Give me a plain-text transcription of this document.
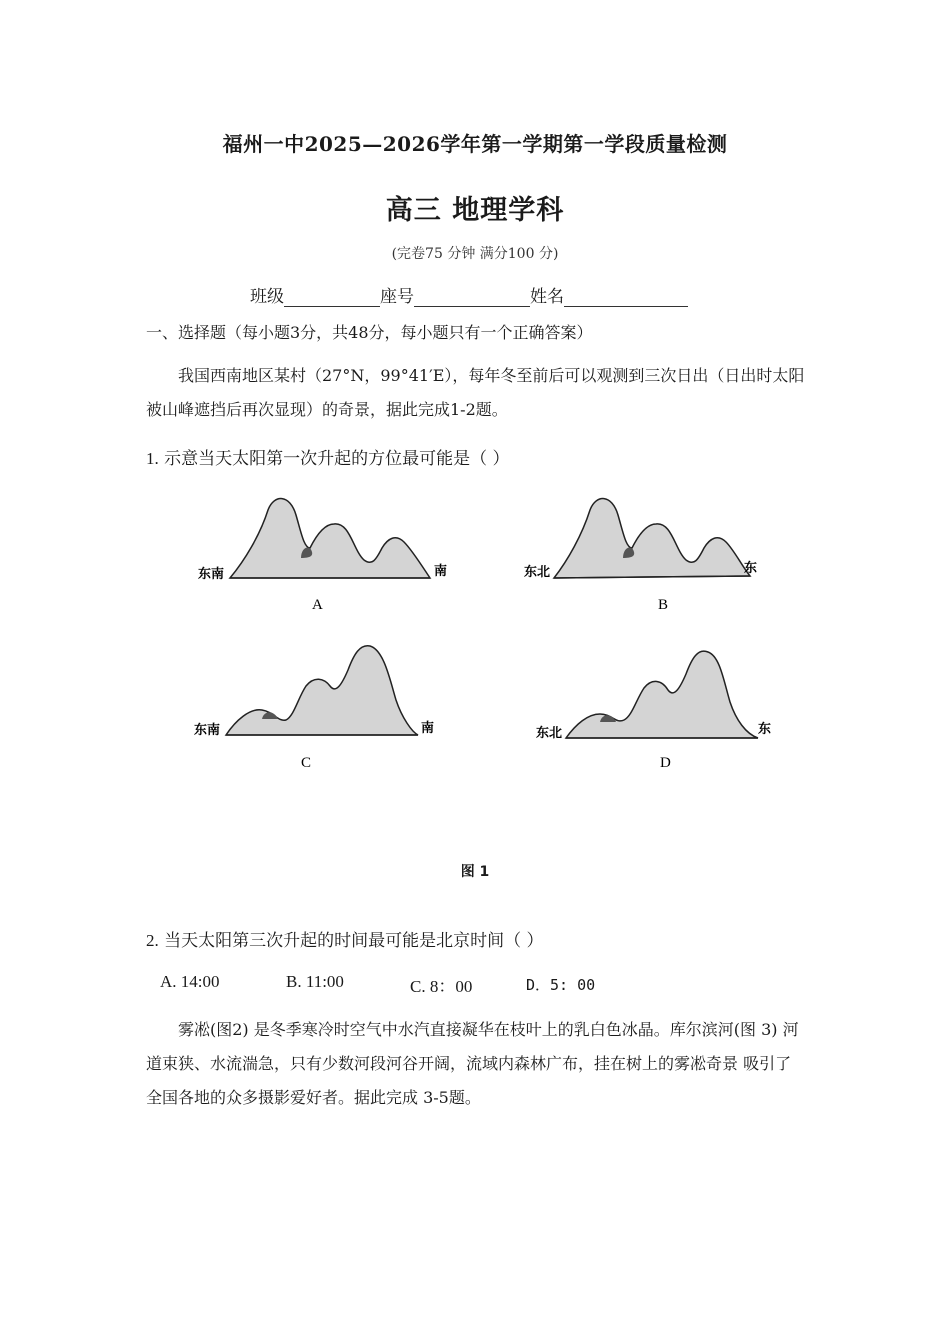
福州一中2025—2026学年第一学期第一学段质量检测
高三 地理学科
(完卷75 分钟 满分100 分)
班级	座号	姓名
一、选择题（每小题3分，共48分，每小题只有一个正确答案）
我国西南地区某村（27°N，99°41′E），每年冬至前后可以观测到三次日出（日出时太阳被山峰遮挡后再次显现）的奇景，据此完成1-2题。
1. 示意当天太阳第一次升起的方位最可能是（ ）
东南	南
A
东北	东
B
东南	南
C
东北	东
D
图 1
2. 当天太阳第三次升起的时间最可能是北京时间（ ）
A. 14:00	B. 11:00	C. 8：00	D．5: 00
雾凇(图2) 是冬季寒冷时空气中水汽直接凝华在枝叶上的乳白色冰晶。库尔滨河(图 3) 河道束狭、水流湍急，只有少数河段河谷开阔，流域内森林广布，挂在树上的雾凇奇景 吸引了全国各地的众多摄影爱好者。据此完成 3-5题。
